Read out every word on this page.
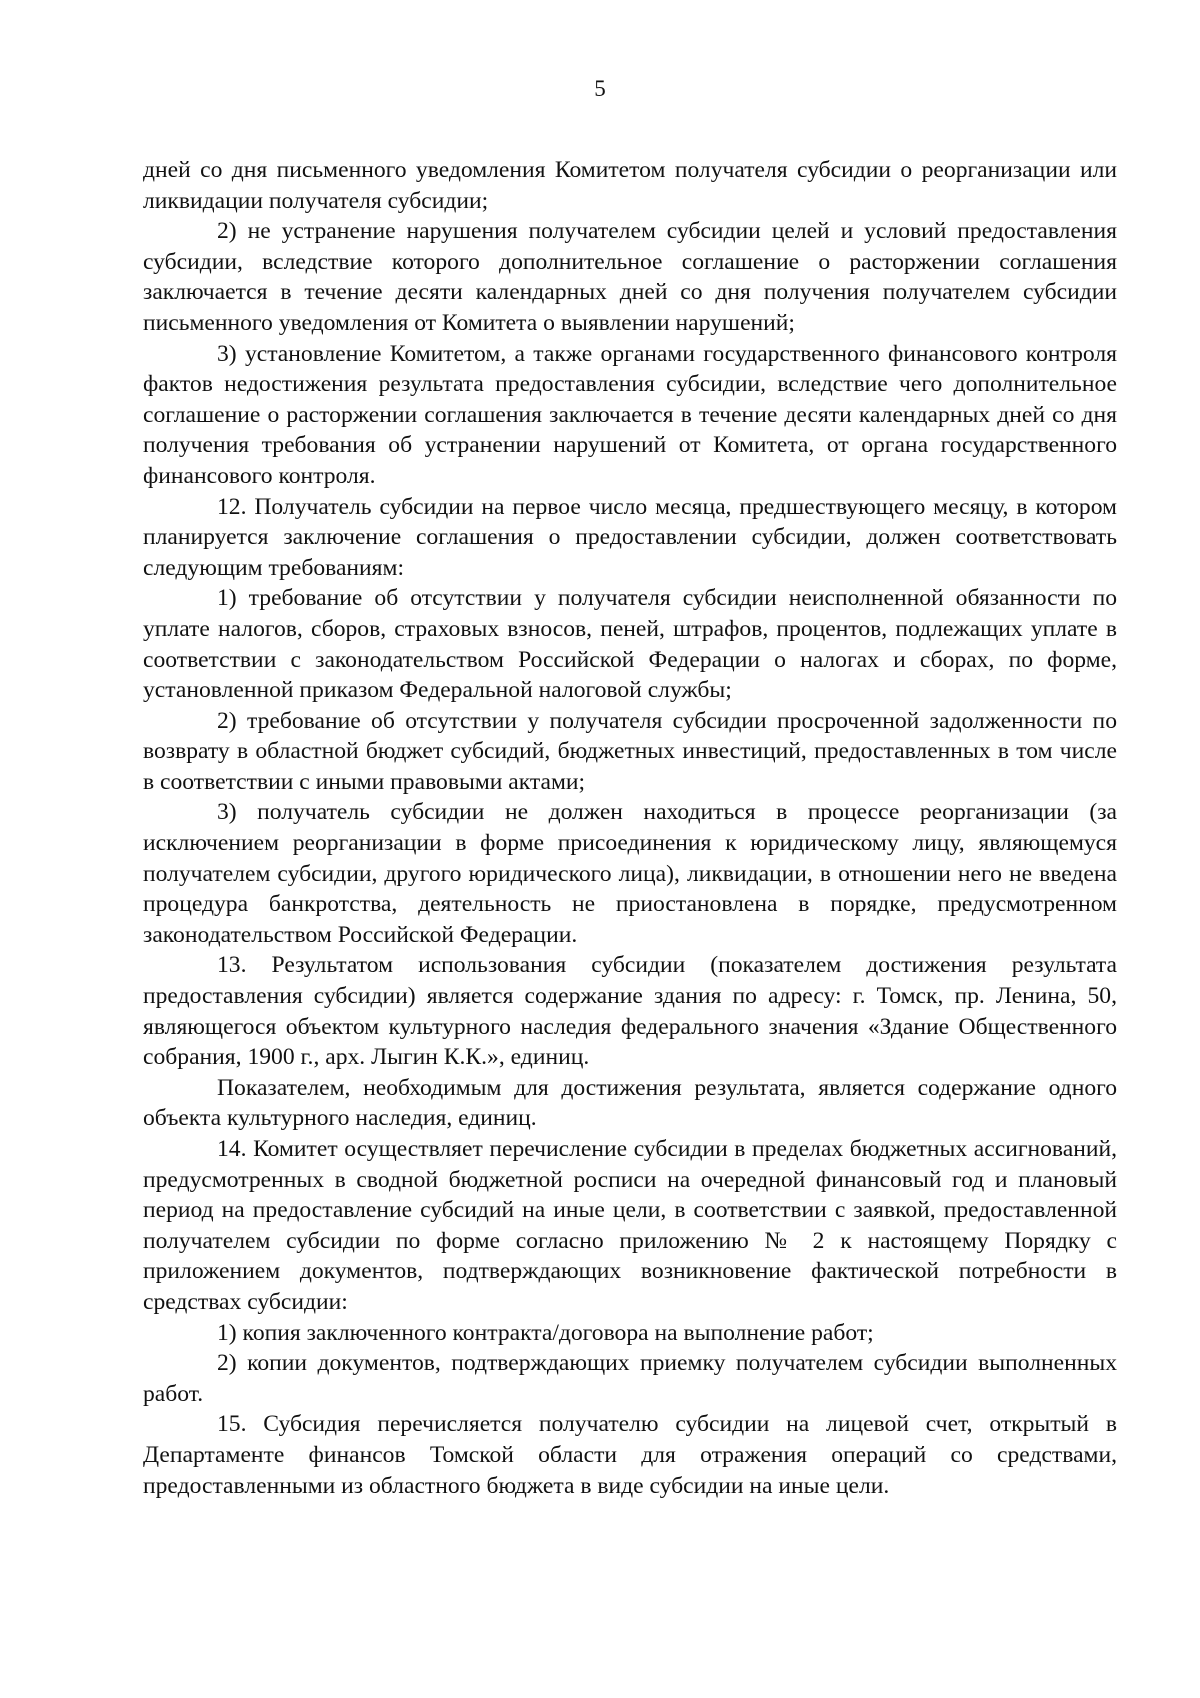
5

дней со дня письменного уведомления Комитетом получателя субсидии о реорганизации или ликвидации получателя субсидии;

2) не устранение нарушения получателем субсидии целей и условий предоставления субсидии, вследствие которого дополнительное соглашение о расторжении соглашения заключается в течение десяти календарных дней со дня получения получателем субсидии письменного уведомления от Комитета о выявлении нарушений;

3) установление Комитетом, а также органами государственного финансового контроля фактов недостижения результата предоставления субсидии, вследствие чего дополнительное соглашение о расторжении соглашения заключается в течение десяти календарных дней со дня получения требования об устранении нарушений от Комитета, от органа государственного финансового контроля.

12. Получатель субсидии на первое число месяца, предшествующего месяцу, в котором планируется заключение соглашения о предоставлении субсидии, должен соответствовать следующим требованиям:

1) требование об отсутствии у получателя субсидии неисполненной обязанности по уплате налогов, сборов, страховых взносов, пеней, штрафов, процентов, подлежащих уплате в соответствии с законодательством Российской Федерации о налогах и сборах, по форме, установленной приказом Федеральной налоговой службы;

2) требование об отсутствии у получателя субсидии просроченной задолженности по возврату в областной бюджет субсидий, бюджетных инвестиций, предоставленных в том числе в соответствии с иными правовыми актами;

3) получатель субсидии не должен находиться в процессе реорганизации (за исключением реорганизации в форме присоединения к юридическому лицу, являющемуся получателем субсидии, другого юридического лица), ликвидации, в отношении него не введена процедура банкротства, деятельность не приостановлена в порядке, предусмотренном законодательством Российской Федерации.

13. Результатом использования субсидии (показателем достижения результата предоставления субсидии) является содержание здания по адресу: г. Томск, пр. Ленина, 50, являющегося объектом культурного наследия федерального значения «Здание Общественного собрания, 1900 г., арх. Лыгин К.К.», единиц.

Показателем, необходимым для достижения результата, является содержание одного объекта культурного наследия, единиц.

14. Комитет осуществляет перечисление субсидии в пределах бюджетных ассигнований, предусмотренных в сводной бюджетной росписи на очередной финансовый год и плановый период на предоставление субсидий на иные цели, в соответствии с заявкой, предоставленной получателем субсидии по форме согласно приложению № 2 к настоящему Порядку с приложением документов, подтверждающих возникновение фактической потребности в средствах субсидии:

1) копия заключенного контракта/договора на выполнение работ;

2) копии документов, подтверждающих приемку получателем субсидии выполненных работ.

15. Субсидия перечисляется получателю субсидии на лицевой счет, открытый в Департаменте финансов Томской области для отражения операций со средствами, предоставленными из областного бюджета в виде субсидии на иные цели.
